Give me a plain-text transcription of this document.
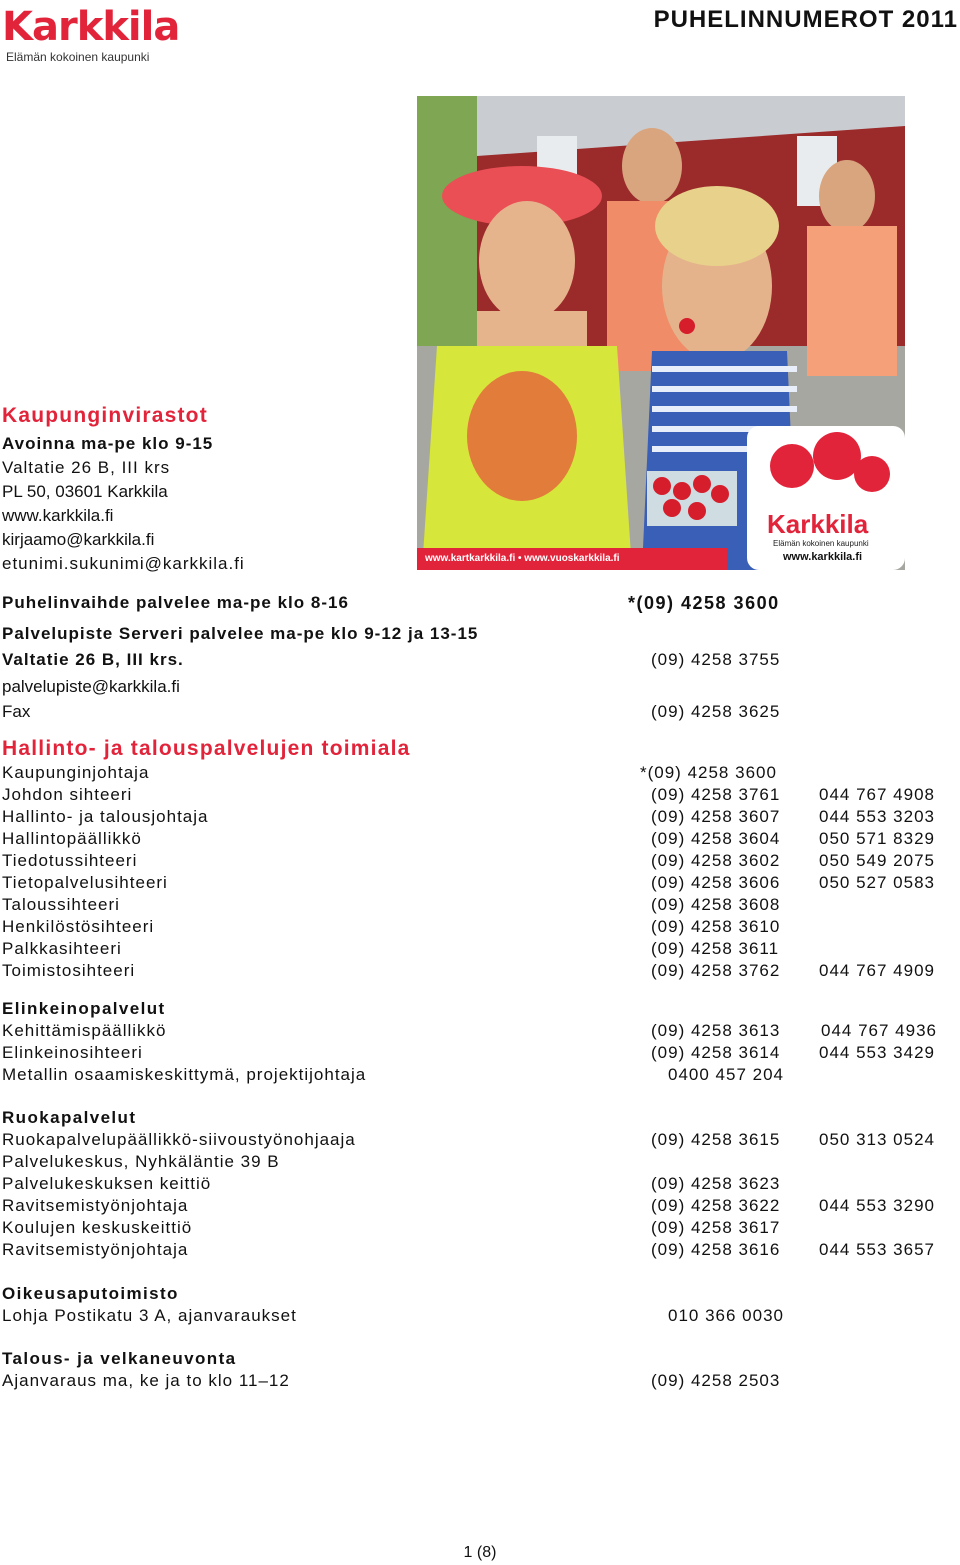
Karkkila
Elämän kokoinen kaupunki
PUHELINNUMEROT 2011
www.kartkarkkila.fi • www.vuoskarkkila.fi
Karkkila
Elämän kokoinen kaupunki
www.karkkila.fi
Kaupunginvirastot
Avoinna ma-pe klo 9-15
Valtatie 26 B, III krs
PL 50, 03601 Karkkila
www.karkkila.fi
kirjaamo@karkkila.fi
etunimi.sukunimi@karkkila.fi
Puhelinvaihde palvelee ma-pe klo 8-16	*(09) 4258 3600
Palvelupiste Serveri palvelee ma-pe klo 9-12 ja 13-15
Valtatie 26 B, III krs.	(09) 4258 3755
palvelupiste@karkkila.fi
Fax	(09) 4258 3625
Hallinto- ja talouspalvelujen toimiala
Kaupunginjohtaja	*(09) 4258 3600
Johdon sihteeri	(09) 4258 3761 044 767 4908
Hallinto- ja talousjohtaja	(09) 4258 3607 044 553 3203
Hallintopäällikkö	(09) 4258 3604 050 571 8329
Tiedotussihteeri	(09) 4258 3602 050 549 2075
Tietopalvelusihteeri	(09) 4258 3606 050 527 0583
Taloussihteeri	(09) 4258 3608
Henkilöstösihteeri	(09) 4258 3610
Palkkasihteeri	(09) 4258 3611
Toimistosihteeri	(09) 4258 3762 044 767 4909
Elinkeinopalvelut
Kehittämispäällikkö	(09) 4258 3613 044 767 4936
Elinkeinosihteeri	(09) 4258 3614 044 553 3429
Metallin osaamiskeskittymä, projektijohtaja	0400 457 204
Ruokapalvelut
Ruokapalvelupäällikkö-siivoustyönohjaaja	(09) 4258 3615 050 313 0524
Palvelukeskus, Nyhkäläntie 39 B
Palvelukeskuksen keittiö	(09) 4258 3623
Ravitsemistyönjohtaja	(09) 4258 3622 044 553 3290
Koulujen keskuskeittiö	(09) 4258 3617
Ravitsemistyönjohtaja	(09) 4258 3616 044 553 3657
Oikeusaputoimisto
Lohja Postikatu 3 A, ajanvaraukset	010 366 0030
Talous- ja velkaneuvonta
Ajanvaraus ma, ke ja to klo 11–12	(09) 4258 2503
1 (8)
